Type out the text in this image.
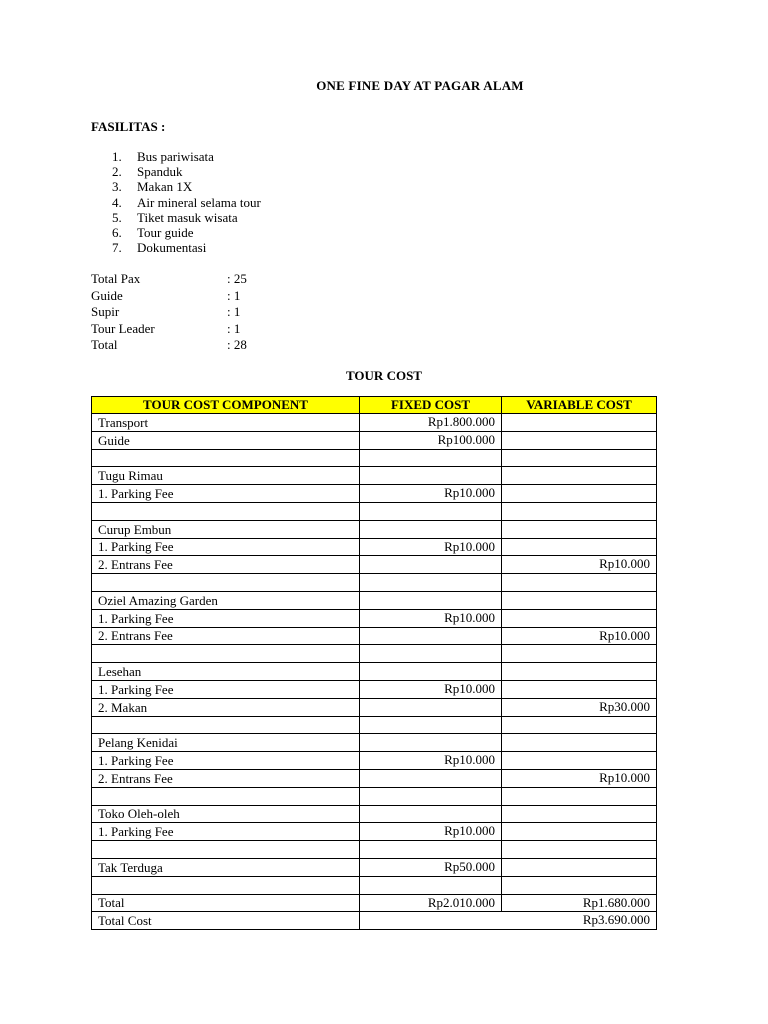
ONE FINE DAY AT PAGAR ALAM
FASILITAS :
1. Bus pariwisata
2. Spanduk
3. Makan 1X
4. Air mineral selama tour
5. Tiket masuk wisata
6. Tour guide
7. Dokumentasi
Total Pax	: 25
Guide	: 1
Supir	: 1
Tour Leader	: 1
Total	: 28
TOUR COST
TOUR COST COMPONENT	FIXED COST	VARIABLE COST
Transport	Rp1.800.000	
Guide	Rp100.000	

Tugu Rimau		
1. Parking Fee	Rp10.000	

Curup Embun		
1. Parking Fee	Rp10.000	
2. Entrans Fee		Rp10.000

Oziel Amazing Garden		
1. Parking Fee	Rp10.000	
2. Entrans Fee		Rp10.000

Lesehan		
1. Parking Fee	Rp10.000	
2. Makan		Rp30.000

Pelang Kenidai		
1. Parking Fee	Rp10.000	
2. Entrans Fee		Rp10.000

Toko Oleh-oleh		
1. Parking Fee	Rp10.000	

Tak Terduga	Rp50.000	

Total	Rp2.010.000	Rp1.680.000
Total Cost	Rp3.690.000	
